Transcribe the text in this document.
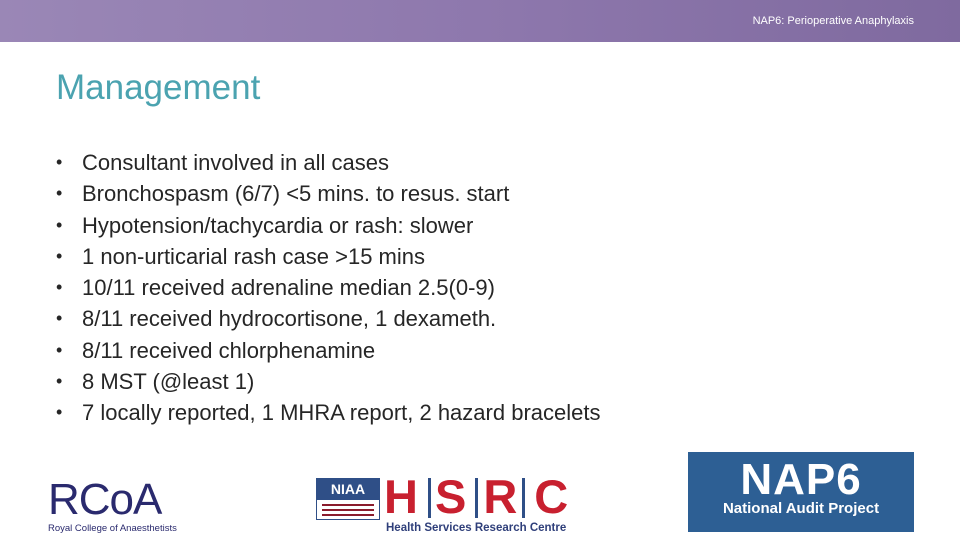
NAP6: Perioperative Anaphylaxis
Management
• Consultant involved in all cases
• Bronchospasm (6/7) <5 mins. to resus. start
• Hypotension/tachycardia or rash: slower
• 1 non-urticarial rash case >15 mins
• 10/11 received adrenaline median 2.5(0-9)
• 8/11 received hydrocortisone, 1 dexameth.
• 8/11 received chlorphenamine
• 8 MST (@least 1)
• 7 locally reported, 1 MHRA report, 2 hazard bracelets
RCoA
Royal College of Anaesthetists
NIAA H S R C
Health Services Research Centre
NAP6
National Audit Project
